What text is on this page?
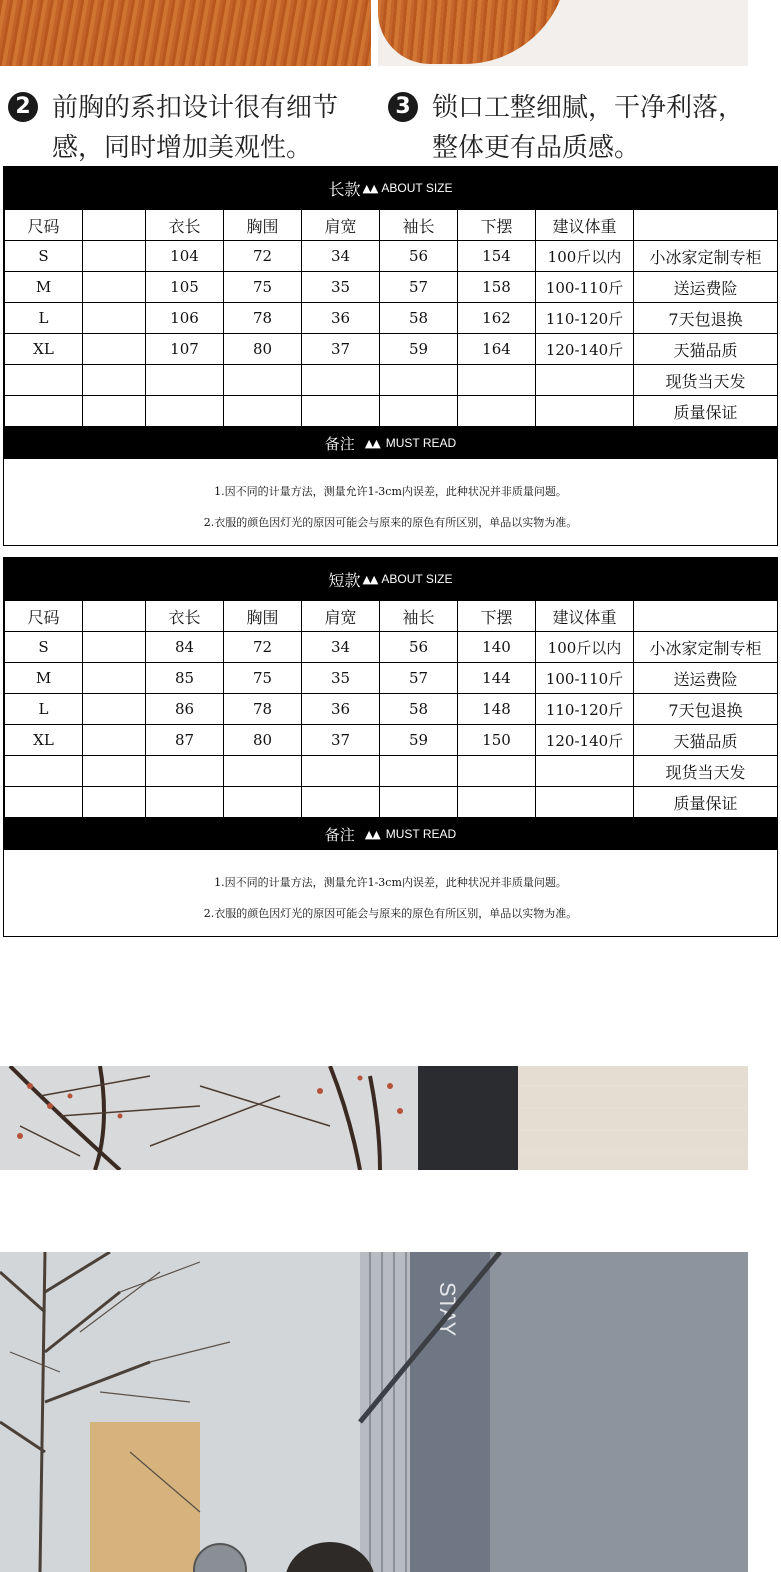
2 前胸的系扣设计很有细节感，同时增加美观性。
3 锁口工整细腻，干净利落，整体更有品质感。
长款 ▲▲ ABOUT SIZE
尺码		衣长	胸围	肩宽	袖长	下摆	建议体重	
S		104	72	34	56	154	100斤以内	小冰家定制专柜
M		105	75	35	57	158	100-110斤	送运费险
L		106	78	36	58	162	110-120斤	7天包退换
XL		107	80	37	59	164	120-140斤	天猫品质
								现货当天发
								质量保证
备注 ▲▲ MUST READ
1.因不同的计量方法，测量允许1-3cm内误差，此种状况并非质量问题。
2.衣服的颜色因灯光的原因可能会与原来的原色有所区别，单品以实物为准。
短款 ▲▲ ABOUT SIZE
尺码		衣长	胸围	肩宽	袖长	下摆	建议体重	
S		84	72	34	56	140	100斤以内	小冰家定制专柜
M		85	75	35	57	144	100-110斤	送运费险
L		86	78	36	58	148	110-120斤	7天包退换
XL		87	80	37	59	150	120-140斤	天猫品质
								现货当天发
								质量保证
备注 ▲▲ MUST READ
1.因不同的计量方法，测量允许1-3cm内误差，此种状况并非质量问题。
2.衣服的颜色因灯光的原因可能会与原来的原色有所区别，单品以实物为准。
STAY
